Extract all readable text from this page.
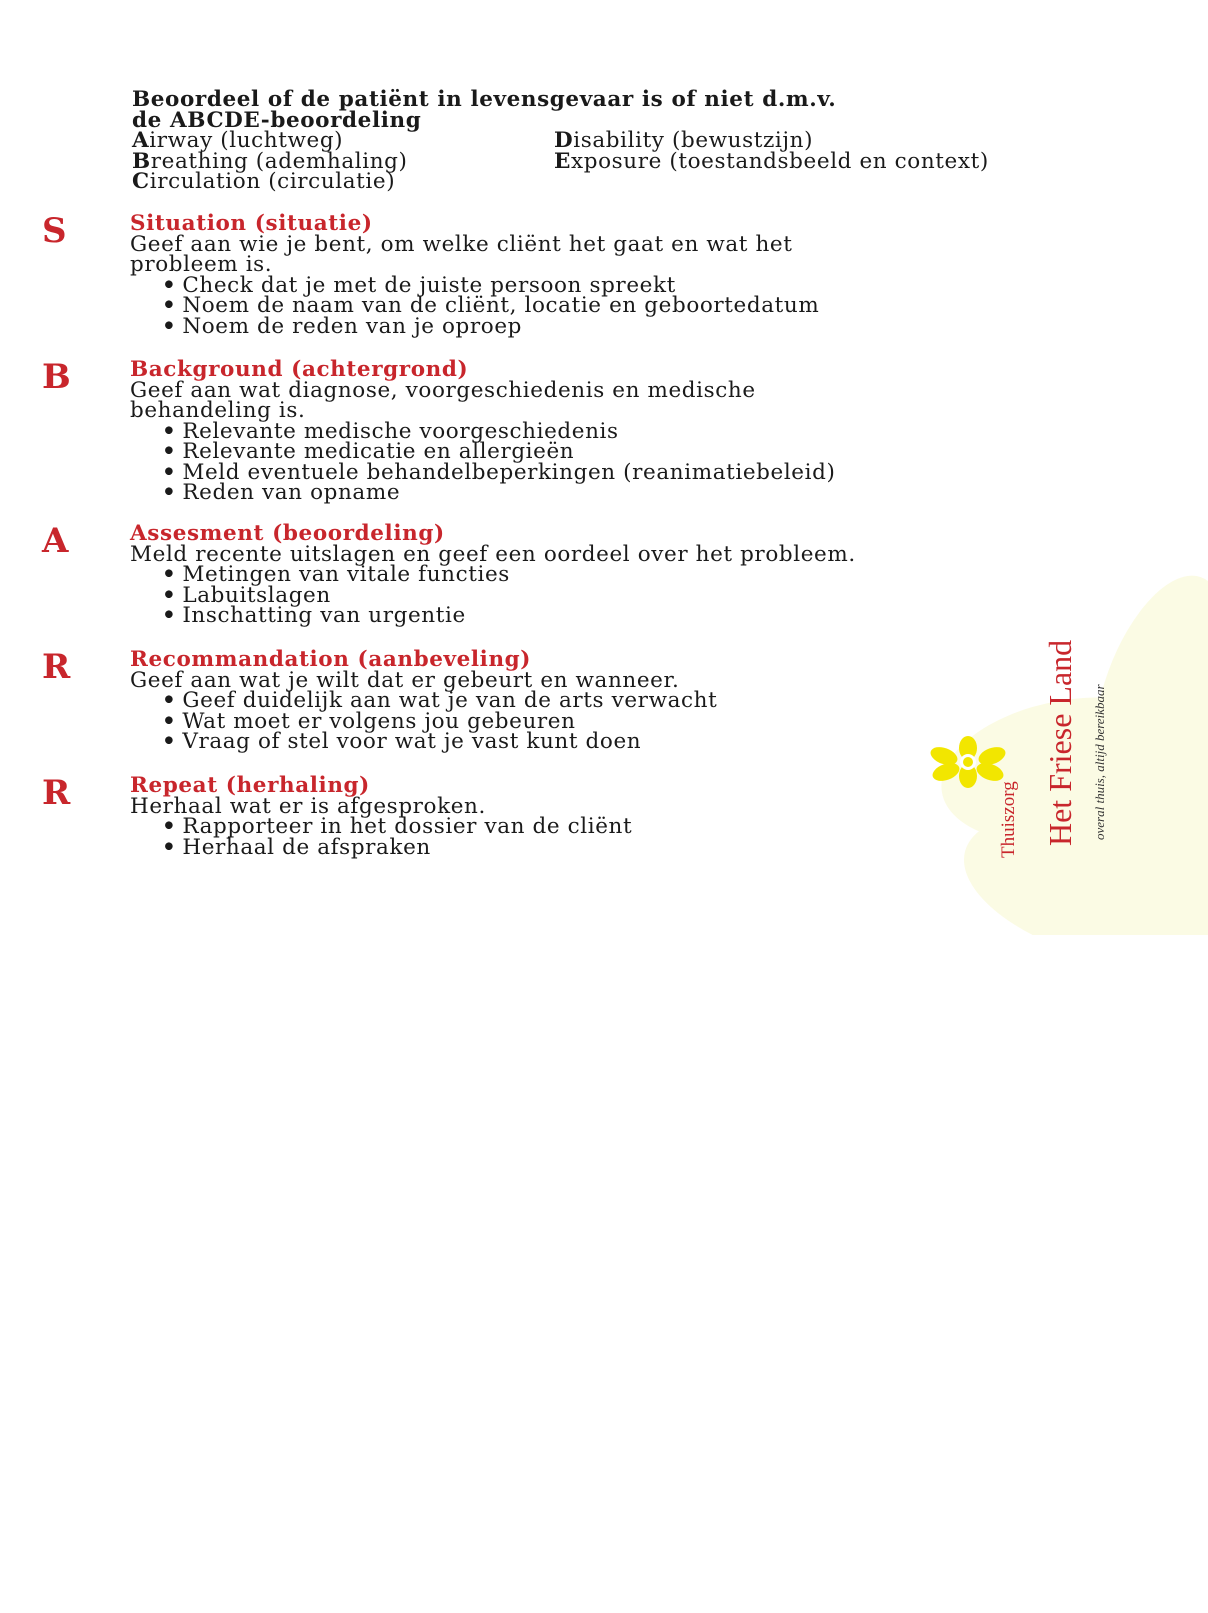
Beoordeel of de patiënt in levensgevaar is of niet d.m.v.

de ABCDE-beoordeling

Airway (luchtweg)
Breathing (ademhaling)
Circulation (circulatie)
Disability (bewustzijn)
Exposure (toestandsbeeld en context)
S	Situation (situatie)

Geef aan wie je bent, om welke cliënt het gaat en wat het

probleem is.

• Check dat je met de juiste persoon spreekt
• Noem de naam van de cliënt, locatie en geboortedatum
• Noem de reden van je oproep
B	Background (achtergrond)

Geef aan wat diagnose, voorgeschiedenis en medische

behandeling is.

• Relevante medische voorgeschiedenis
• Relevante medicatie en allergieën
• Meld eventuele behandelbeperkingen (reanimatiebeleid)
• Reden van opname
A	Assesment (beoordeling)

Meld recente uitslagen en geef een oordeel over het probleem.

• Metingen van vitale functies
• Labuitslagen
• Inschatting van urgentie
R	Recommandation (aanbeveling)

Geef aan wat je wilt dat er gebeurt en wanneer.

• Geef duidelijk aan wat je van de arts verwacht
• Wat moet er volgens jou gebeuren
• Vraag of stel voor wat je vast kunt doen
R	Repeat (herhaling)

Herhaal wat er is afgesproken.

• Rapporteer in het dossier van de cliënt
• Herhaal de afspraken	Thuiszorg Het Friese Land overal thuis, altijd bereikbaar
